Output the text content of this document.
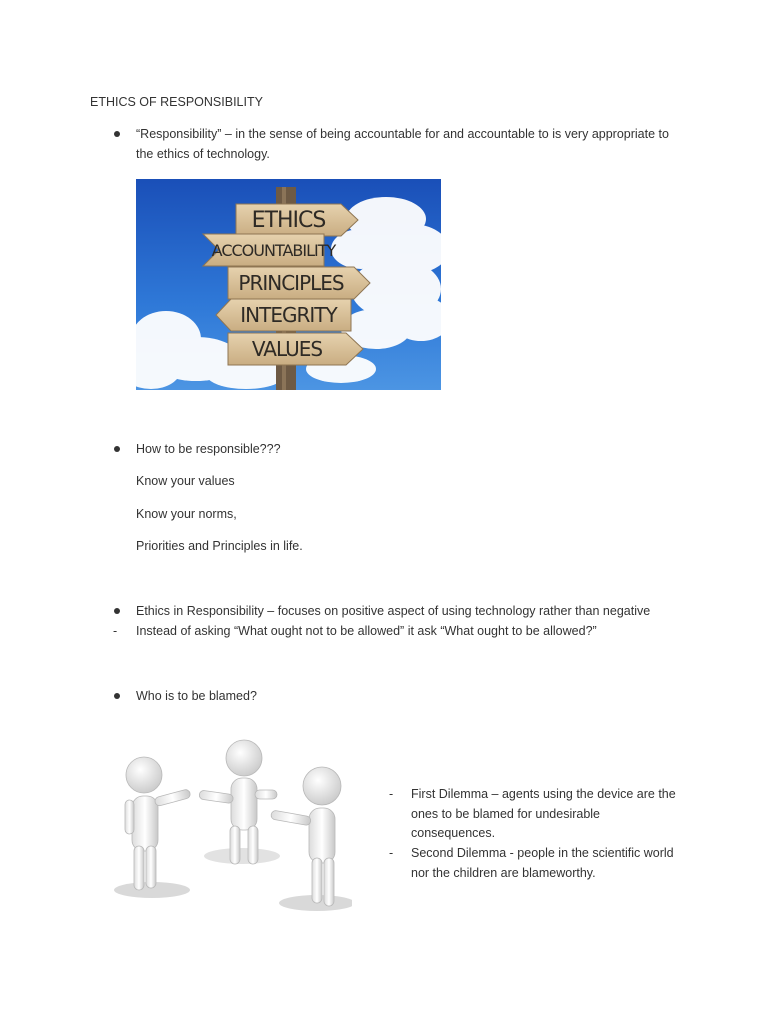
ETHICS OF RESPONSIBILITY
“Responsibility” – in the sense of being accountable for and accountable to is very appropriate to
the ethics of technology.
ETHICS
ACCOUNTABILITY
PRINCIPLES
INTEGRITY
VALUES
How to be responsible???
Know your values
Know your norms,
Priorities and Principles in life.
Ethics in Responsibility – focuses on positive aspect of using technology rather than negative
- Instead of asking “What ought not to be allowed” it ask “What ought to be allowed?”
Who is to be blamed?
- First Dilemma – agents using the device are the
ones to be blamed for undesirable
consequences.
- Second Dilemma - people in the scientific world
nor the children are blameworthy.
